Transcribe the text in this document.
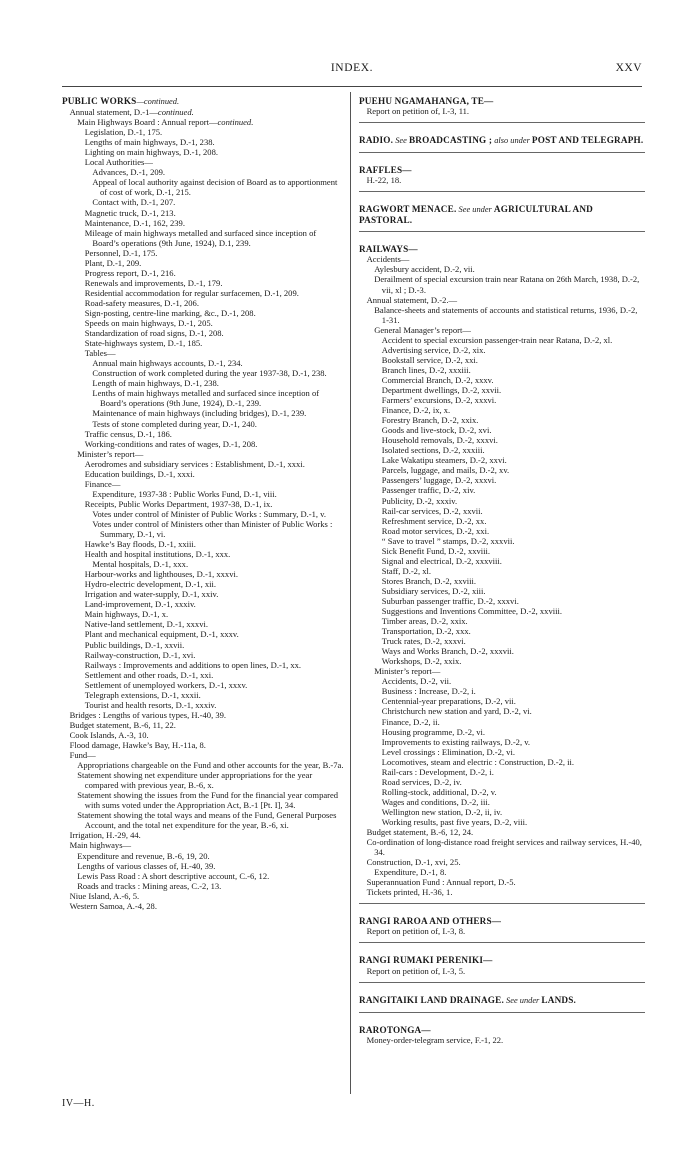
INDEX.	XXV
PUBLIC WORKS—continued.
Annual statement, D.-1—continued.
Main Highways Board : Annual report—continued.
Legislation, D.-1, 175.
Lengths of main highways, D.-1, 238.
Lighting on main highways, D.-1, 208.
Local Authorities—
Advances, D.-1, 209.
Appeal of local authority against decision of Board as to apportionment of cost of work, D.-1, 215.
Contact with, D.-1, 207.
Magnetic truck, D.-1, 213.
Maintenance, D.-1, 162, 239.
Mileage of main highways metalled and surfaced since inception of Board’s operations (9th June, 1924), D.1, 239.
Personnel, D.-1, 175.
Plant, D.-1, 209.
Progress report, D.-1, 216.
Renewals and improvements, D.-1, 179.
Residential accommodation for regular surfacemen, D.-1, 209.
Road-safety measures, D.-1, 206.
Sign-posting, centre-line marking, &c., D.-1, 208.
Speeds on main highways, D.-1, 205.
Standardization of road signs, D.-1, 208.
State-highways system, D.-1, 185.
Tables—
Annual main highways accounts, D.-1, 234.
Construction of work completed during the year 1937-38, D.-1, 238.
Length of main highways, D.-1, 238.
Lenths of main highways metalled and surfaced since inception of Board’s operations (9th June, 1924), D.-1, 239.
Maintenance of main highways (including bridges), D.-1, 239.
Tests of stone completed during year, D.-1, 240.
Traffic census, D.-1, 186.
Working-conditions and rates of wages, D.-1, 208.
Minister’s report—
Aerodromes and subsidiary services : Establishment, D.-1, xxxi.
Education buildings, D.-1, xxxi.
Finance—
Expenditure, 1937-38 : Public Works Fund, D.-1, viii.
Receipts, Public Works Department, 1937-38, D.-1, ix.
Votes under control of Minister of Public Works : Summary, D.-1, v.
Votes under control of Ministers other than Minister of Public Works : Summary, D.-1, vi.
Hawke’s Bay floods, D.-1, xxiii.
Health and hospital institutions, D.-1, xxx.
Mental hospitals, D.-1, xxx.
Harbour-works and lighthouses, D.-1, xxxvi.
Hydro-electric development, D.-1, xii.
Irrigation and water-supply, D.-1, xxiv.
Land-improvement, D.-1, xxxiv.
Main highways, D.-1, x.
Native-land settlement, D.-1, xxxvi.
Plant and mechanical equipment, D.-1, xxxv.
Public buildings, D.-1, xxvii.
Railway-construction, D.-1, xvi.
Railways : Improvements and additions to open lines, D.-1, xx.
Settlement and other roads, D.-1, xxi.
Settlement of unemployed workers, D.-1, xxxv.
Telegraph extensions, D.-1, xxxii.
Tourist and health resorts, D.-1, xxxiv.
Bridges : Lengths of various types, H.-40, 39.
Budget statement, B.-6, 11, 22.
Cook Islands, A.-3, 10.
Flood damage, Hawke’s Bay, H.-11a, 8.
Fund—
Appropriations chargeable on the Fund and other accounts for the year, B.-7a.
Statement showing net expenditure under appropriations for the year compared with previous year, B.-6, x.
Statement showing the issues from the Fund for the financial year compared with sums voted under the Appropriation Act, B.-1 [Pt. I], 34.
Statement showing the total ways and means of the Fund, General Purposes Account, and the total net expenditure for the year, B.-6, xi.
Irrigation, H.-29, 44.
Main highways—
Expenditure and revenue, B.-6, 19, 20.
Lengths of various classes of, H.-40, 39.
Lewis Pass Road : A short descriptive account, C.-6, 12.
Roads and tracks : Mining areas, C.-2, 13.
Niue Island, A.-6, 5.
Western Samoa, A.-4, 28.
PUEHU NGAMAHANGA, TE—
Report on petition of, I.-3, 11.
RADIO. See BROADCASTING ; also under POST AND TELEGRAPH.
RAFFLES—
H.-22, 18.
RAGWORT MENACE. See under AGRICULTURAL AND PASTORAL.
RAILWAYS—
Accidents—
Aylesbury accident, D.-2, vii.
Derailment of special excursion train near Ratana on 26th March, 1938, D.-2, vii, xl ; D.-3.
Annual statement, D.-2.—
Balance-sheets and statements of accounts and statistical returns, 1936, D.-2, 1-31.
General Manager’s report—
Accident to special excursion passenger-train near Ratana, D.-2, xl.
Advertising service, D.-2, xix.
Bookstall service, D.-2, xxi.
Branch lines, D.-2, xxxiii.
Commercial Branch, D.-2, xxxv.
Department dwellings, D.-2, xxvii.
Farmers’ excursions, D.-2, xxxvi.
Finance, D.-2, ix, x.
Forestry Branch, D.-2, xxix.
Goods and live-stock, D.-2, xvi.
Household removals, D.-2, xxxvi.
Isolated sections, D.-2, xxxiii.
Lake Wakatipu steamers, D.-2, xxvi.
Parcels, luggage, and mails, D.-2, xv.
Passengers’ luggage, D.-2, xxxvi.
Passenger traffic, D.-2, xiv.
Publicity, D.-2, xxxiv.
Rail-car services, D.-2, xxvii.
Refreshment service, D.-2, xx.
Road motor services, D.-2, xxi.
“ Save to travel ” stamps, D.-2, xxxvii.
Sick Benefit Fund, D.-2, xxviii.
Signal and electrical, D.-2, xxxviii.
Staff, D.-2, xl.
Stores Branch, D.-2, xxviii.
Subsidiary services, D.-2, xiii.
Suburban passenger traffic, D.-2, xxxvi.
Suggestions and Inventions Committee, D.-2, xxviii.
Timber areas, D.-2, xxix.
Transportation, D.-2, xxx.
Truck rates, D.-2, xxxvi.
Ways and Works Branch, D.-2, xxxvii.
Workshops, D.-2, xxix.
Minister’s report—
Accidents, D.-2, vii.
Business : Increase, D.-2, i.
Centennial-year preparations, D.-2, vii.
Christchurch new station and yard, D.-2, vi.
Finance, D.-2, ii.
Housing programme, D.-2, vi.
Improvements to existing railways, D.-2, v.
Level crossings : Elimination, D.-2, vi.
Locomotives, steam and electric : Construction, D.-2, ii.
Rail-cars : Development, D.-2, i.
Road services, D.-2, iv.
Rolling-stock, additional, D.-2, v.
Wages and conditions, D.-2, iii.
Wellington new station, D.-2, ii, iv.
Working results, past five years, D.-2, viii.
Budget statement, B.-6, 12, 24.
Co-ordination of long-distance road freight services and railway services, H.-40, 34.
Construction, D.-1, xvi, 25.
Expenditure, D.-1, 8.
Superannuation Fund : Annual report, D.-5.
Tickets printed, H.-36, 1.
RANGI RAROA AND OTHERS—
Report on petition of, I.-3, 8.
RANGI RUMAKI PERENIKI—
Report on petition of, I.-3, 5.
RANGITAIKI LAND DRAINAGE. See under LANDS.
RAROTONGA—
Money-order-telegram service, F.-1, 22.
IV—H.
